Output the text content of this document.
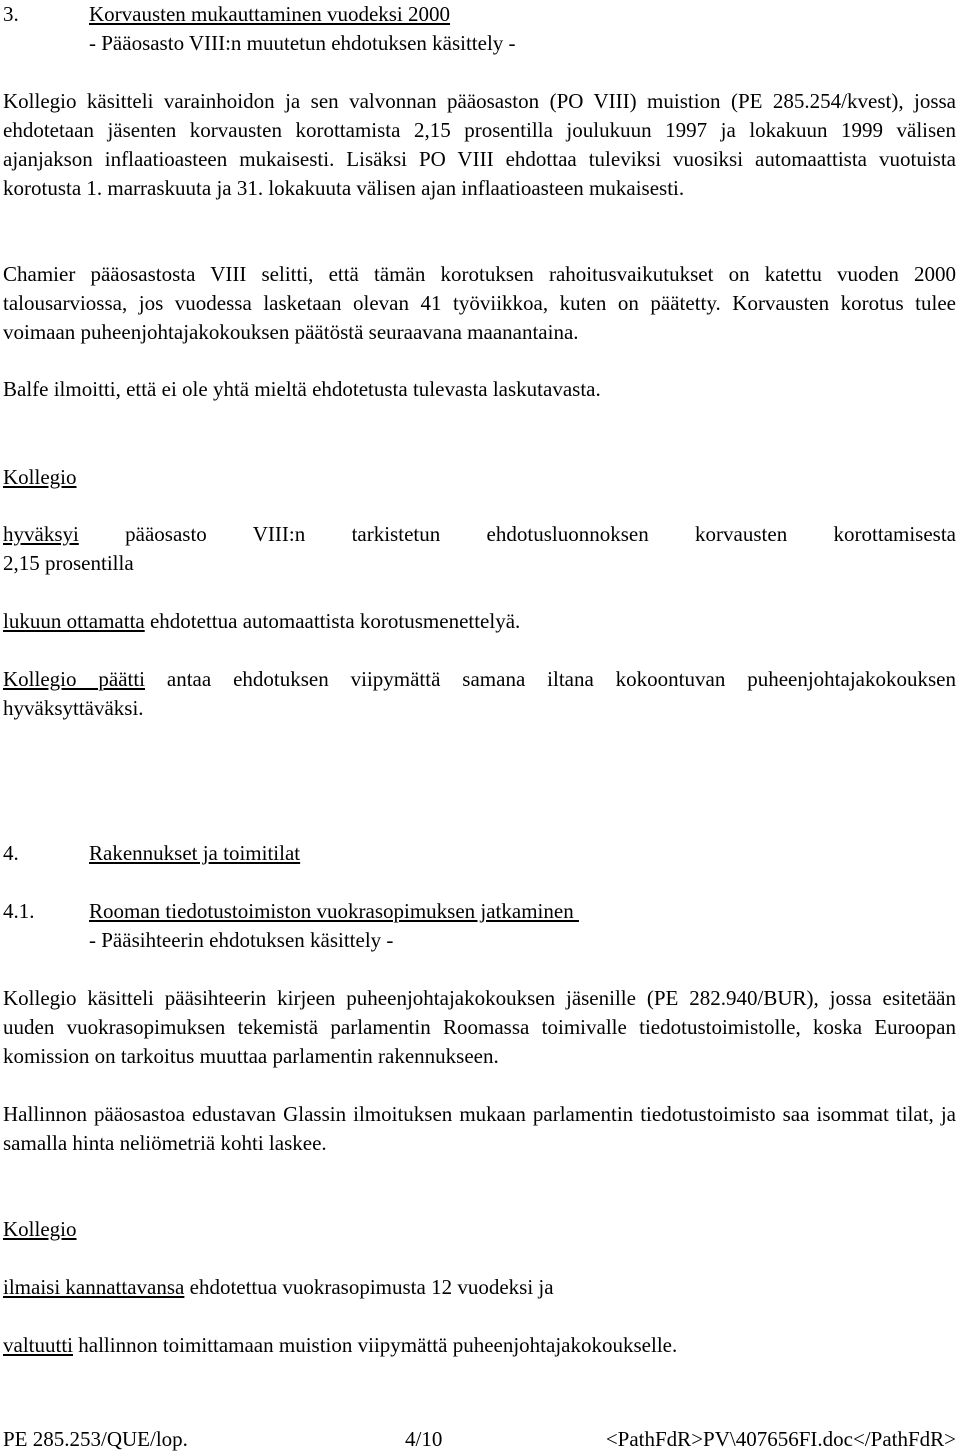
3.	Korvausten mukauttaminen vuodeksi 2000
- Pääosasto VIII:n muutetun ehdotuksen käsittely -

Kollegio käsitteli varainhoidon ja sen valvonnan pääosaston (PO VIII) muistion (PE 285.254/kvest), jossa ehdotetaan jäsenten korvausten korottamista 2,15 prosentilla joulukuun 1997 ja lokakuun 1999 välisen ajanjakson inflaatioasteen mukaisesti. Lisäksi PO VIII ehdottaa tuleviksi vuosiksi automaattista vuotuista korotusta 1. marraskuuta ja 31. lokakuuta välisen ajan inflaatioasteen mukaisesti.

Chamier pääosastosta VIII selitti, että tämän korotuksen rahoitusvaikutukset on katettu vuoden 2000 talousarviossa, jos vuodessa lasketaan olevan 41 työviikkoa, kuten on päätetty. Korvausten korotus tulee voimaan puheenjohtajakokouksen päätöstä seuraavana maanantaina.

Balfe ilmoitti, että ei ole yhtä mieltä ehdotetusta tulevasta laskutavasta.

Kollegio
hyväksyi pääosasto VIII:n tarkistetun ehdotusluonnoksen korvausten korottamisesta
2,15 prosentilla
lukuun ottamatta ehdotettua automaattista korotusmenettelyä.

Kollegio päätti antaa ehdotuksen viipymättä samana iltana kokoontuvan puheenjohtajakokouksen hyväksyttäväksi.

4.	Rakennukset ja toimitilat
4.1.	Rooman tiedotustoimiston vuokrasopimuksen jatkaminen
- Pääsihteerin ehdotuksen käsittely -

Kollegio käsitteli pääsihteerin kirjeen puheenjohtajakokouksen jäsenille (PE 282.940/BUR), jossa esitetään uuden vuokrasopimuksen tekemistä parlamentin Roomassa toimivalle tiedotustoimistolle, koska Euroopan komission on tarkoitus muuttaa parlamentin rakennukseen.

Hallinnon pääosastoa edustavan Glassin ilmoituksen mukaan parlamentin tiedotustoimisto saa isommat tilat, ja samalla hinta neliömetriä kohti laskee.

Kollegio
ilmaisi kannattavansa ehdotettua vuokrasopimusta 12 vuodeksi ja
valtuutti hallinnon toimittamaan muistion viipymättä puheenjohtajakokoukselle.
PE 285.253/QUE/lop.	4/10	<PathFdR>PV\407656FI.doc</PathFdR>
